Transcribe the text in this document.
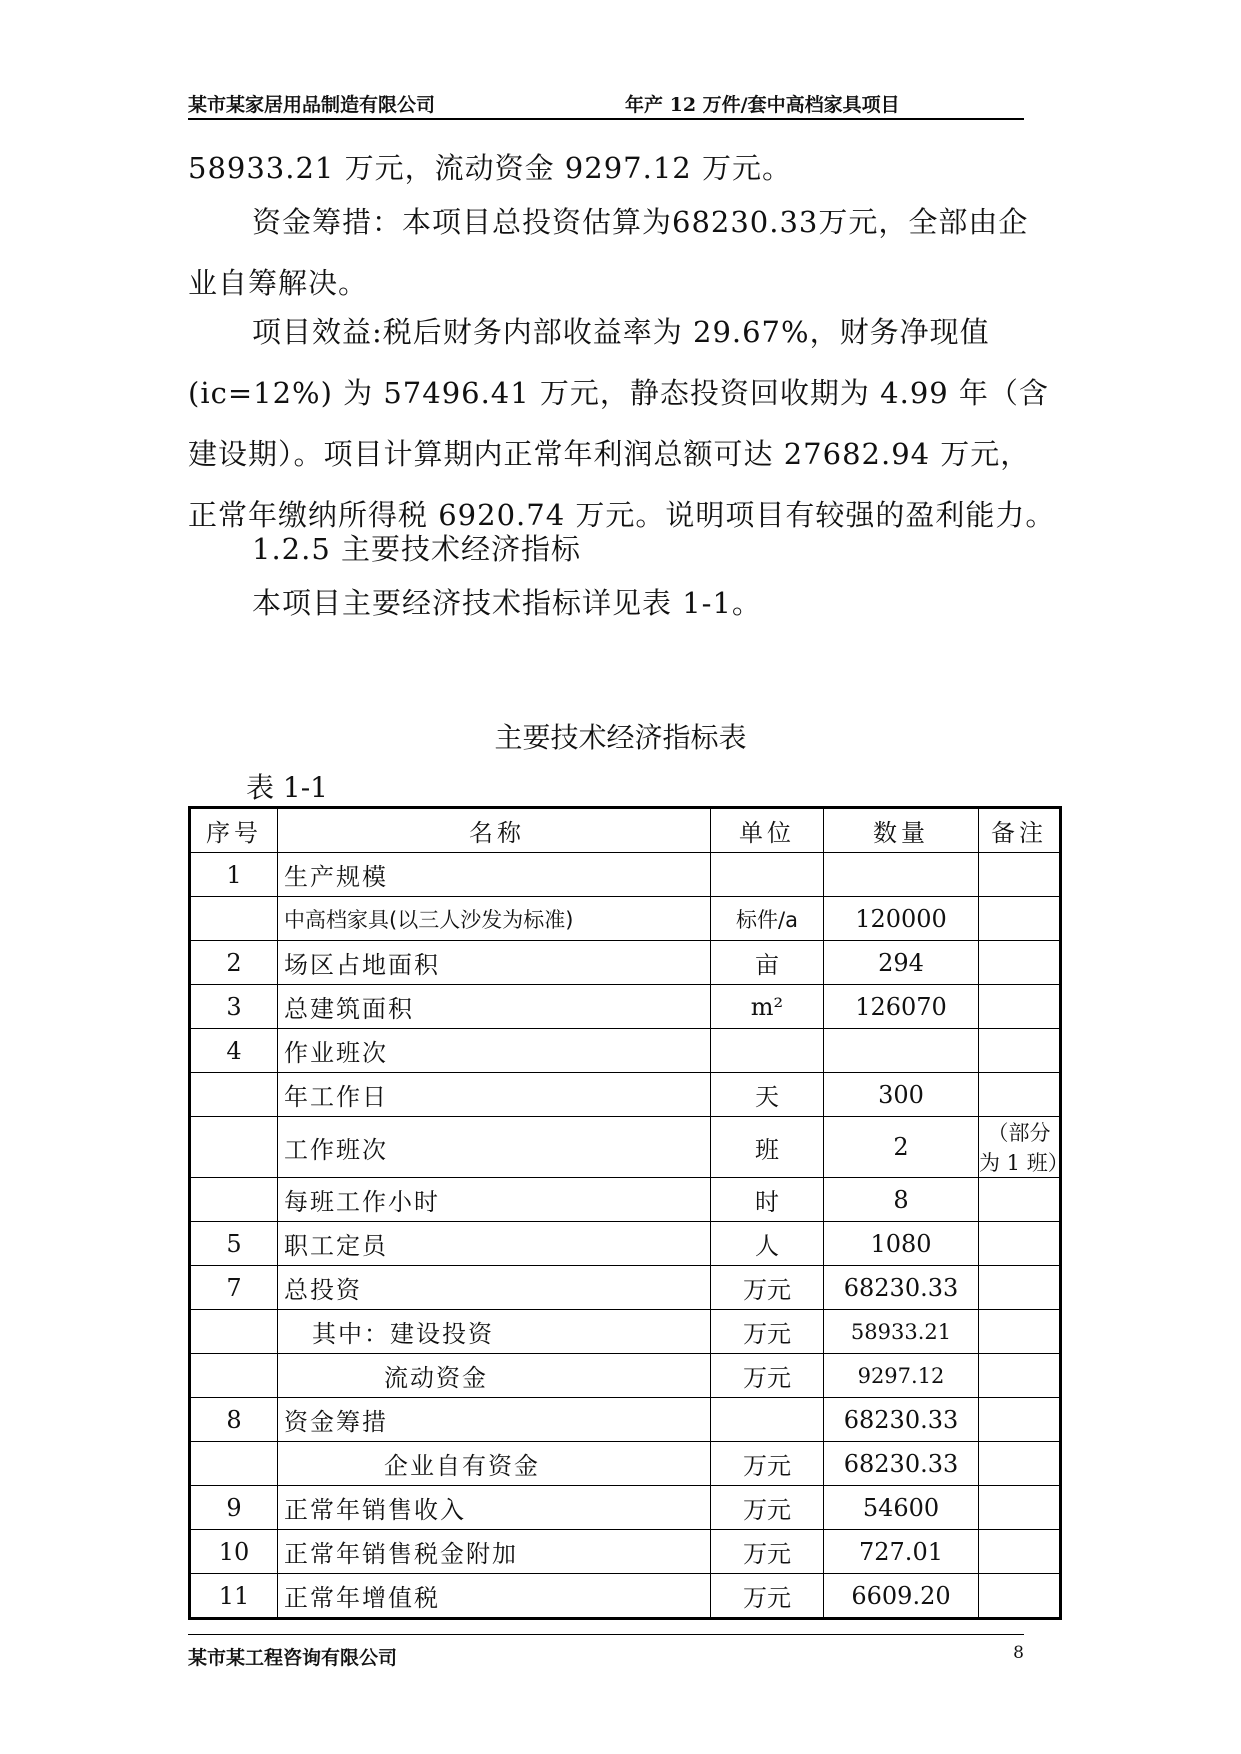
某市某家居用品制造有限公司	年产 12 万件/套中高档家具项目

58933.21 万元，流动资金 9297.12 万元。

资金筹措：本项目总投资估算为68230.33万元，全部由企业自筹解决。

项目效益:税后财务内部收益率为 29.67%，财务净现值(ic=12%) 为 57496.41 万元，静态投资回收期为 4.99 年（含建设期）。项目计算期内正常年利润总额可达 27682.94 万元，正常年缴纳所得税 6920.74 万元。说明项目有较强的盈利能力。

1.2.5 主要技术经济指标

本项目主要经济技术指标详见表 1-1。

主要技术经济指标表
表 1-1
序号	名称	单位	数量	备注
1	生产规模			
	中高档家具(以三人沙发为标准)	标件/a	120000	
2	场区占地面积	亩	294	
3	总建筑面积	m²	126070	
4	作业班次			
	年工作日	天	300	
	工作班次	班	2	（部分为 1 班）
	每班工作小时	时	8	
5	职工定员	人	1080	
7	总投资	万元	68230.33	
	其中：建设投资	万元	58933.21	
	流动资金	万元	9297.12	
8	资金筹措		68230.33	
	企业自有资金	万元	68230.33	
9	正常年销售收入	万元	54600	
10	正常年销售税金附加	万元	727.01	
11	正常年增值税	万元	6609.20	
某市某工程咨询有限公司	8
